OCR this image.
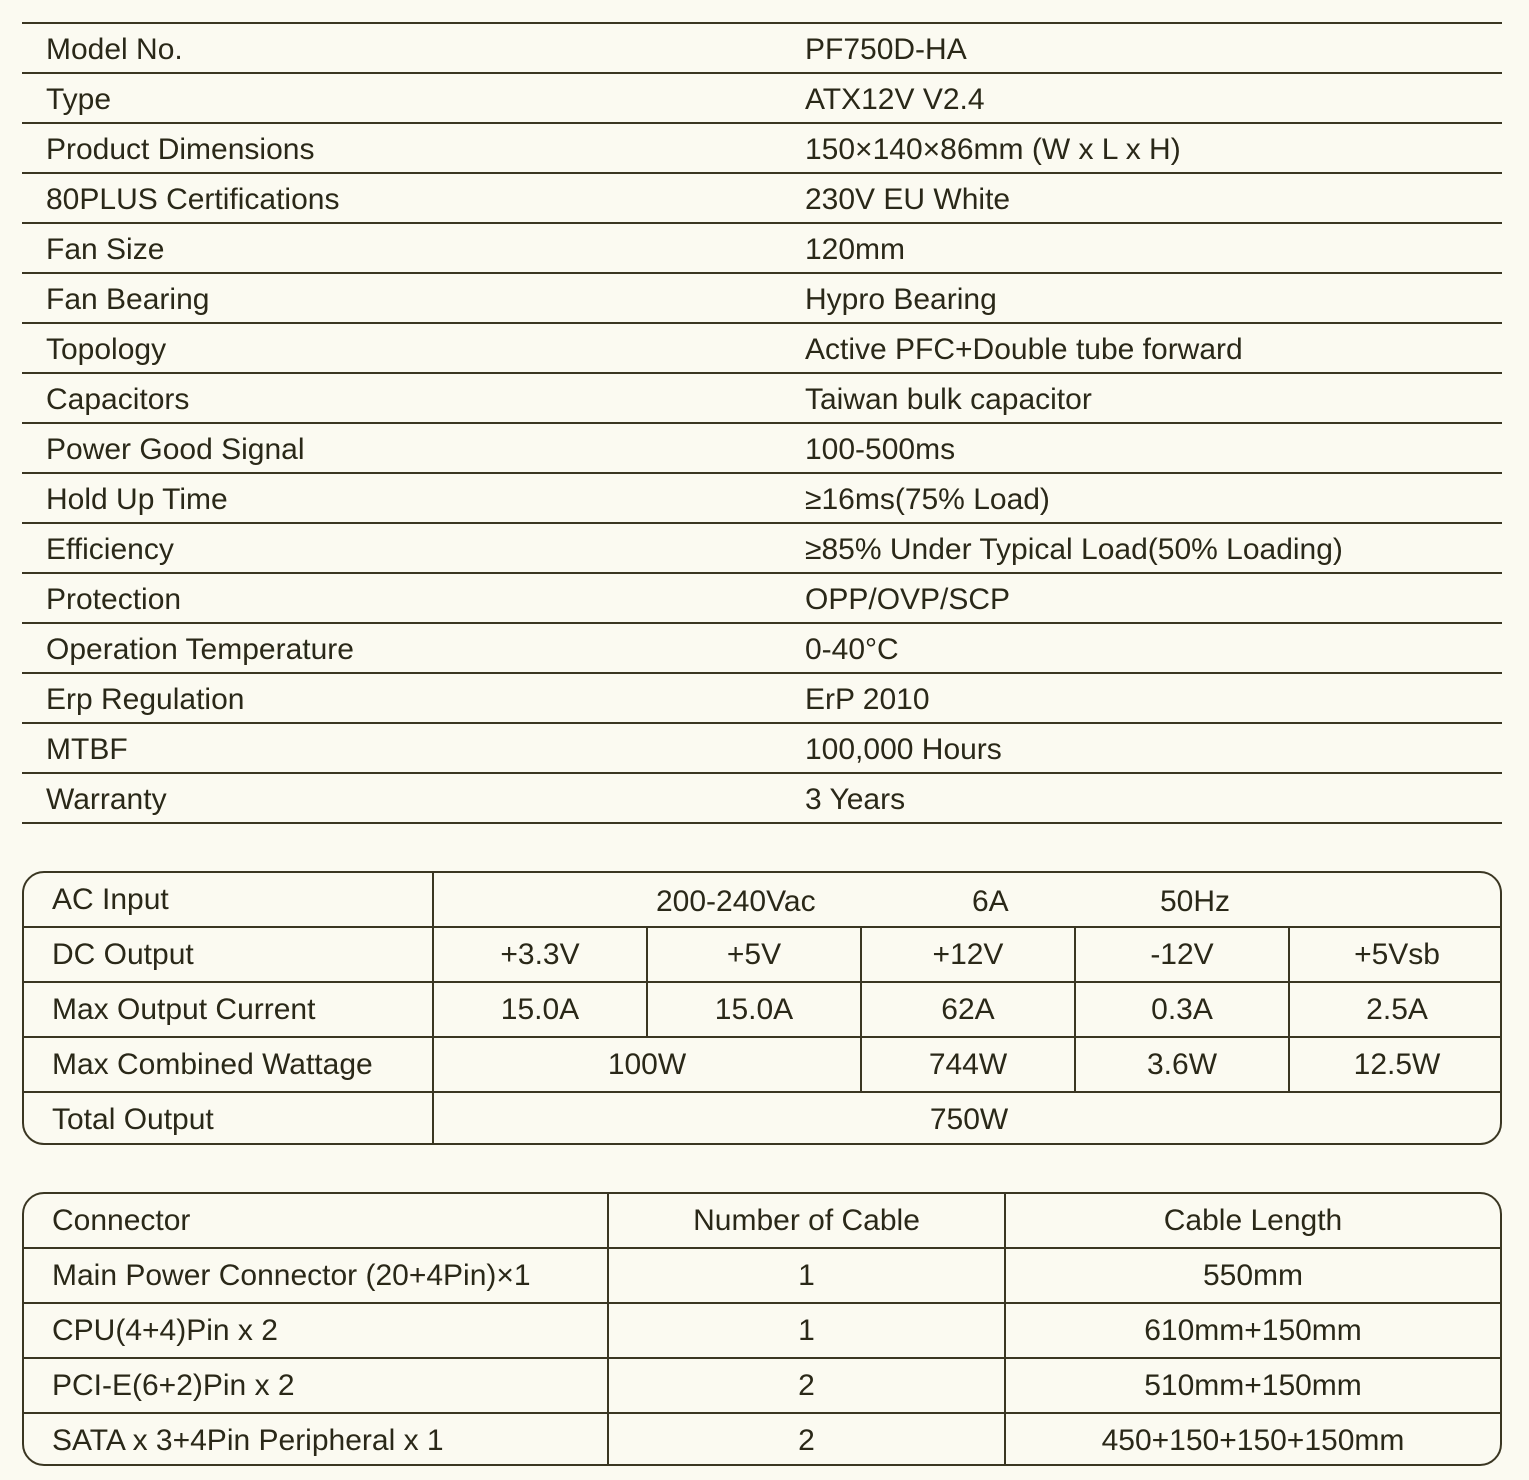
Model No.	PF750D-HA
Type	ATX12V V2.4
Product Dimensions	150×140×86mm (W x L x H)
80PLUS Certifications	230V EU White
Fan Size	120mm
Fan Bearing	Hypro Bearing
Topology	Active PFC+Double tube forward
Capacitors	Taiwan bulk capacitor
Power Good Signal	100-500ms
Hold Up Time	≥16ms(75% Load)
Efficiency	≥85% Under Typical Load(50% Loading)
Protection	OPP/OVP/SCP
Operation Temperature	0-40°C
Erp Regulation	ErP 2010
MTBF	100,000 Hours
Warranty	3 Years
AC Input	200-240Vac 6A 50Hz				

DC Output	+3.3V	+5V	+12V	-12V	+5Vsb
Max Output Current	15.0A	15.0A	62A	0.3A	2.5A
Max Combined Wattage	100W		744W	3.6W	12.5W
Total Output	750W				
Connector	Number of Cable	Cable Length
Main Power Connector (20+4Pin)×1	1	550mm
CPU(4+4)Pin x 2	1	610mm+150mm
PCI-E(6+2)Pin x 2	2	510mm+150mm
SATA x 3+4Pin Peripheral x 1	2	450+150+150+150mm
